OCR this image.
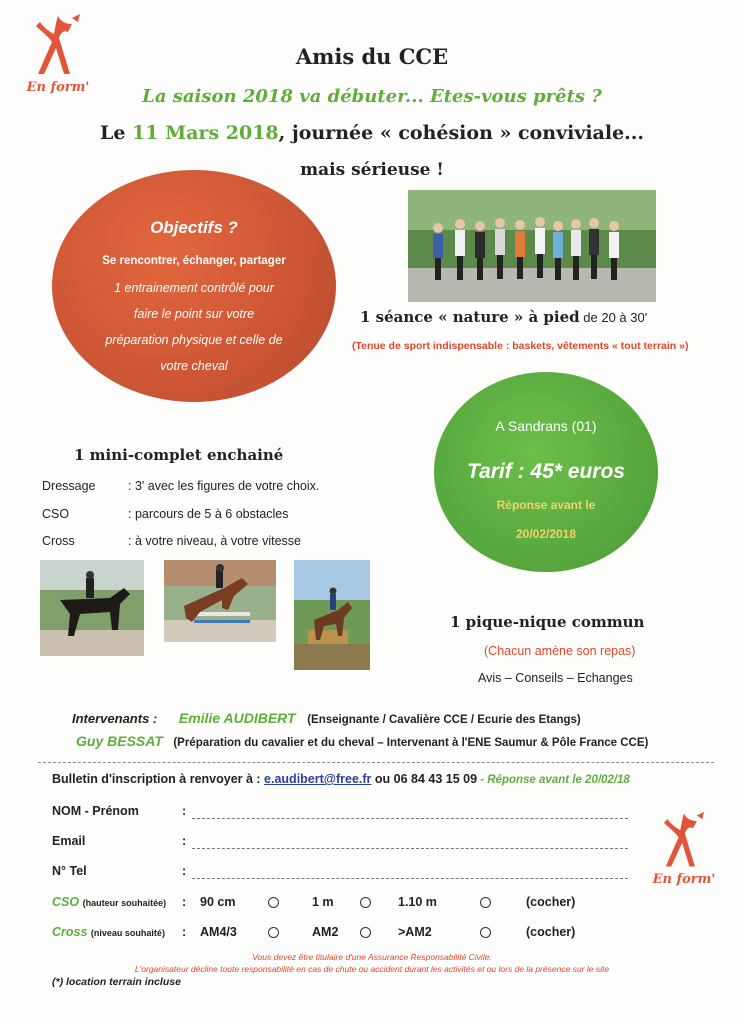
En form'
Amis du CCE
La saison 2018 va débuter... Etes-vous prêts ?
Le 11 Mars 2018, journée « cohésion » conviviale...
mais sérieuse !
Objectifs ?
Se rencontrer, échanger, partager
1 entrainement contrôlé pour
faire le point sur votre
préparation physique et celle de
votre cheval
1 séance « nature » à pied de 20 à 30'
(Tenue de sport indispensable : baskets, vêtements « tout terrain »)
A Sandrans (01)
Tarif : 45* euros
Réponse avant le
20/02/2018
1 mini-complet enchainé
Dressage	: 3' avec les figures de votre choix.
CSO	: parcours de 5 à 6 obstacles
Cross	: à votre niveau, à votre vitesse
1 pique-nique commun
(Chacun amène son repas)
Avis – Conseils – Echanges
Intervenants : Emilie AUDIBERT (Enseignante / Cavalière CCE / Ecurie des Etangs)
Guy BESSAT (Préparation du cavalier et du cheval – Intervenant à l'ENE Saumur & Pôle France CCE)
Bulletin d'inscription à renvoyer à : e.audibert@free.fr ou 06 84 43 15 09 - Réponse avant le 20/02/18
NOM - Prénom	:
Email	:
N° Tel	:
En form'
CSO (hauteur souhaitée) : 90 cm	1 m	1.10 m	(cocher)
Cross (niveau souhaité) : AM4/3	AM2	>AM2	(cocher)
Vous devez être titulaire d'une Assurance Responsabilité Civile.
L'organisateur décline toute responsabilité en cas de chute ou accident durant les activités et ou lors de la présence sur le site
(*) location terrain incluse
